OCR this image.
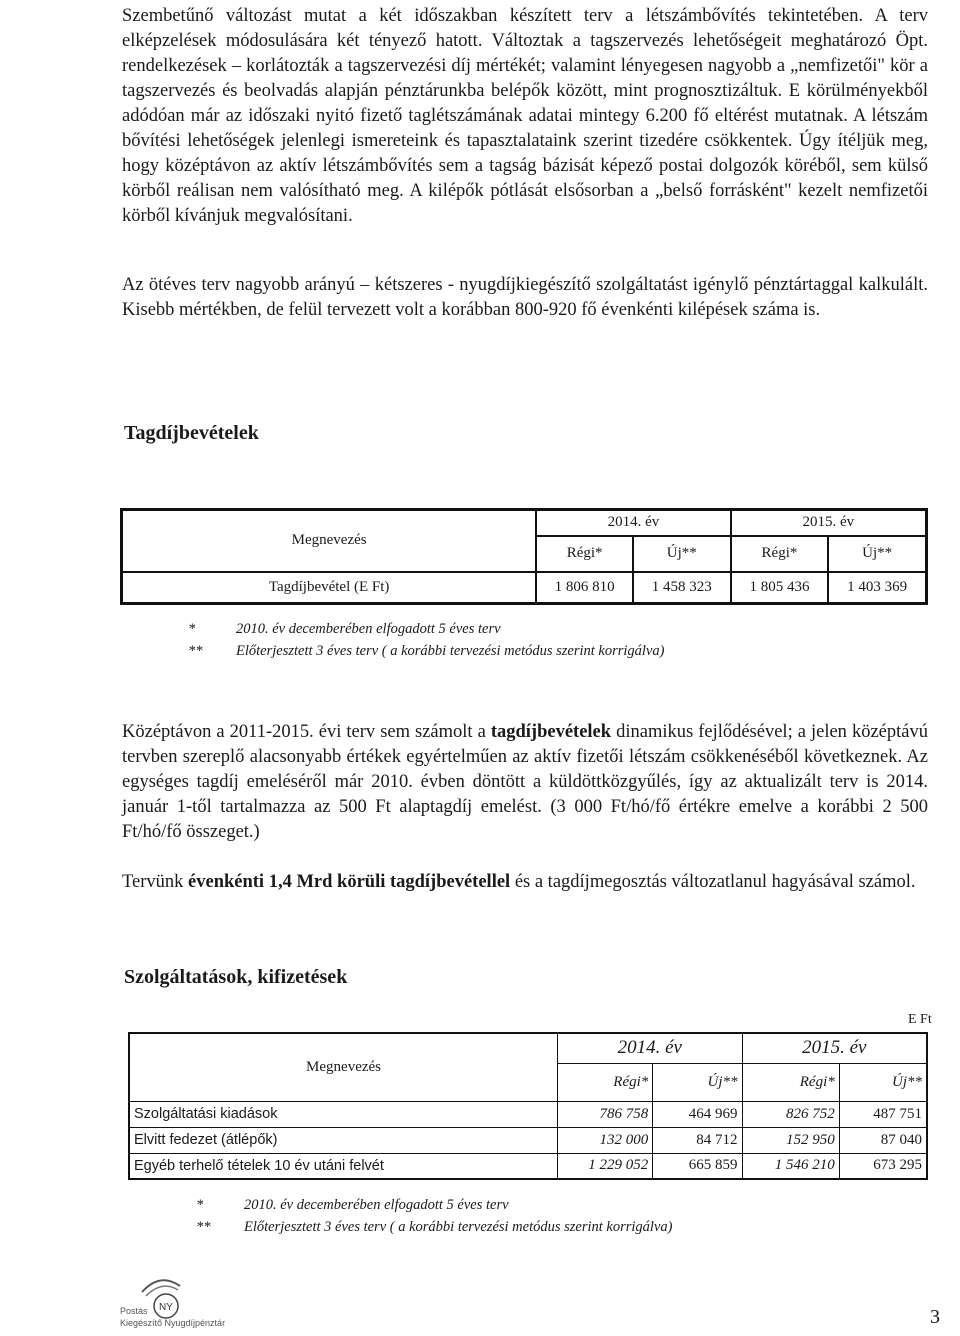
Szembetűnő változást mutat a két időszakban készített terv a létszámbővítés tekintetében. A terv elképzelések módosulására két tényező hatott. Változtak a tagszervezés lehetőségeit meghatározó Öpt. rendelkezések – korlátozták a tagszervezési díj mértékét; valamint lényegesen nagyobb a „nemfizetői" kör a tagszervezés és beolvadás alapján pénztárunkba belépők között, mint prognosztizáltuk. E körülményekből adódóan már az időszaki nyitó fizető taglétszámának adatai mintegy 6.200 fő eltérést mutatnak. A létszám bővítési lehetőségek jelenlegi ismereteink és tapasztalataink szerint tizedére csökkentek. Úgy ítéljük meg, hogy középtávon az aktív létszámbővítés sem a tagság bázisát képező postai dolgozók köréből, sem külső körből reálisan nem valósítható meg. A kilépők pótlását elsősorban a „belső forrásként" kezelt nemfizetői körből kívánjuk megvalósítani.

Az ötéves terv nagyobb arányú – kétszeres - nyugdíjkiegészítő szolgáltatást igénylő pénztártaggal kalkulált. Kisebb mértékben, de felül tervezett volt a korábban 800-920 fő évenkénti kilépések száma is.

Tagdíjbevételek
Megnevezés	2014. év		2015. év	
	Régi*	Új**	Régi*	Új**
Tagdíjbevétel (E Ft)	1 806 810	1 458 323	1 805 436	1 403 369
*	2010. év decemberében elfogadott 5 éves terv
**	Előterjesztett 3 éves terv ( a korábbi tervezési metódus szerint korrigálva)

Középtávon a 2011-2015. évi terv sem számolt a tagdíjbevételek dinamikus fejlődésével; a jelen középtávú tervben szereplő alacsonyabb értékek egyértelműen az aktív fizetői létszám csökkenéséből következnek. Az egységes tagdíj emeléséről már 2010. évben döntött a küldöttközgyűlés, így az aktualizált terv is 2014. január 1-től tartalmazza az 500 Ft alaptagdíj emelést. (3 000 Ft/hó/fő értékre emelve a korábbi 2 500 Ft/hó/fő összeget.)

Tervünk évenkénti 1,4 Mrd körüli tagdíjbevétellel és a tagdíjmegosztás változatlanul hagyásával számol.

Szolgáltatások, kifizetések
E Ft
Megnevezés	2014. év		2015. év	
	Régi*	Új**	Régi*	Új**
Szolgáltatási kiadások	786 758	464 969	826 752	487 751
Elvitt fedezet (átlépők)	132 000	84 712	152 950	87 040
Egyéb terhelő tételek 10 év utáni felvét	1 229 052	665 859	1 546 210	673 295
*	2010. év decemberében elfogadott 5 éves terv
**	Előterjesztett 3 éves terv ( a korábbi tervezési metódus szerint korrigálva)
NY
Postás
Kiegészítő Nyugdíjpénztár	3
